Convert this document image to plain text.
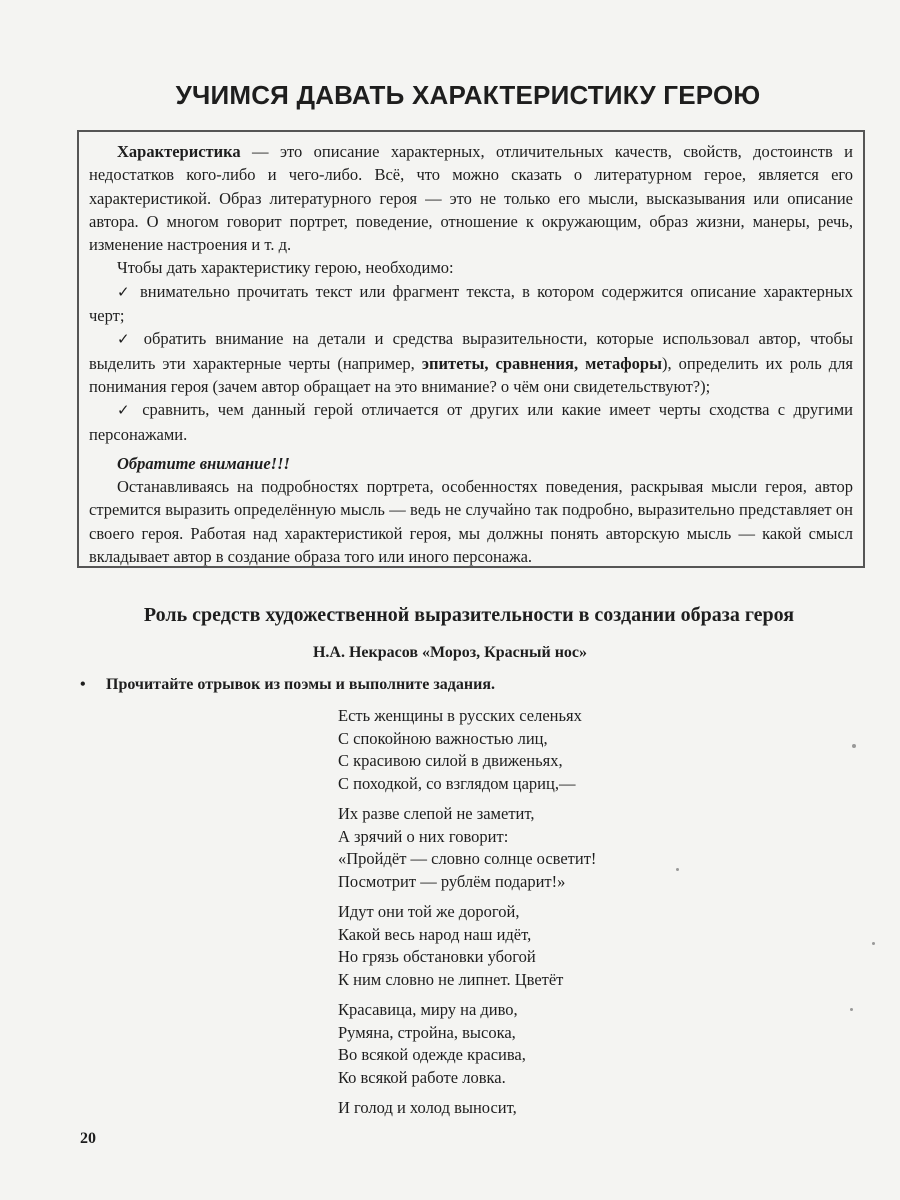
УЧИМСЯ ДАВАТЬ ХАРАКТЕРИСТИКУ ГЕРОЮ

Характеристика — это описание характерных, отличительных качеств, свойств, достоинств и недостатков кого-либо и чего-либо. Всё, что можно сказать о литературном герое, является его характеристикой. Образ литературного героя — это не только его мысли, высказывания или описание автора. О многом говорит портрет, поведение, отношение к окружающим, образ жизни, манеры, речь, изменение настроения и т. д.

Чтобы дать характеристику герою, необходимо:

✓ внимательно прочитать текст или фрагмент текста, в котором содержится описание характерных черт;

✓ обратить внимание на детали и средства выразительности, которые использовал автор, чтобы выделить эти характерные черты (например, эпитеты, сравнения, метафоры), определить их роль для понимания героя (зачем автор обращает на это внимание? о чём они свидетельствуют?);

✓ сравнить, чем данный герой отличается от других или какие имеет черты сходства с другими персонажами.

Обратите внимание!!!

Останавливаясь на подробностях портрета, особенностях поведения, раскрывая мысли героя, автор стремится выразить определённую мысль — ведь не случайно так подробно, выразительно представляет он своего героя. Работая над характеристикой героя, мы должны понять авторскую мысль — какой смысл вкладывает автор в создание образа того или иного персонажа.

Роль средств художественной выразительности в создании образа героя
Н.А. Некрасов «Мороз, Красный нос»
• Прочитайте отрывок из поэмы и выполните задания.
Есть женщины в русских селеньях
С спокойною важностью лиц,
С красивою силой в движеньях,
С походкой, со взглядом цариц,—
Их разве слепой не заметит,
А зрячий о них говорит:
«Пройдёт — словно солнце осветит!
Посмотрит — рублём подарит!»
Идут они той же дорогой,
Какой весь народ наш идёт,
Но грязь обстановки убогой
К ним словно не липнет. Цветёт
Красавица, миру на диво,
Румяна, стройна, высока,
Во всякой одежде красива,
Ко всякой работе ловка.
И голод и холод выносит,
20
